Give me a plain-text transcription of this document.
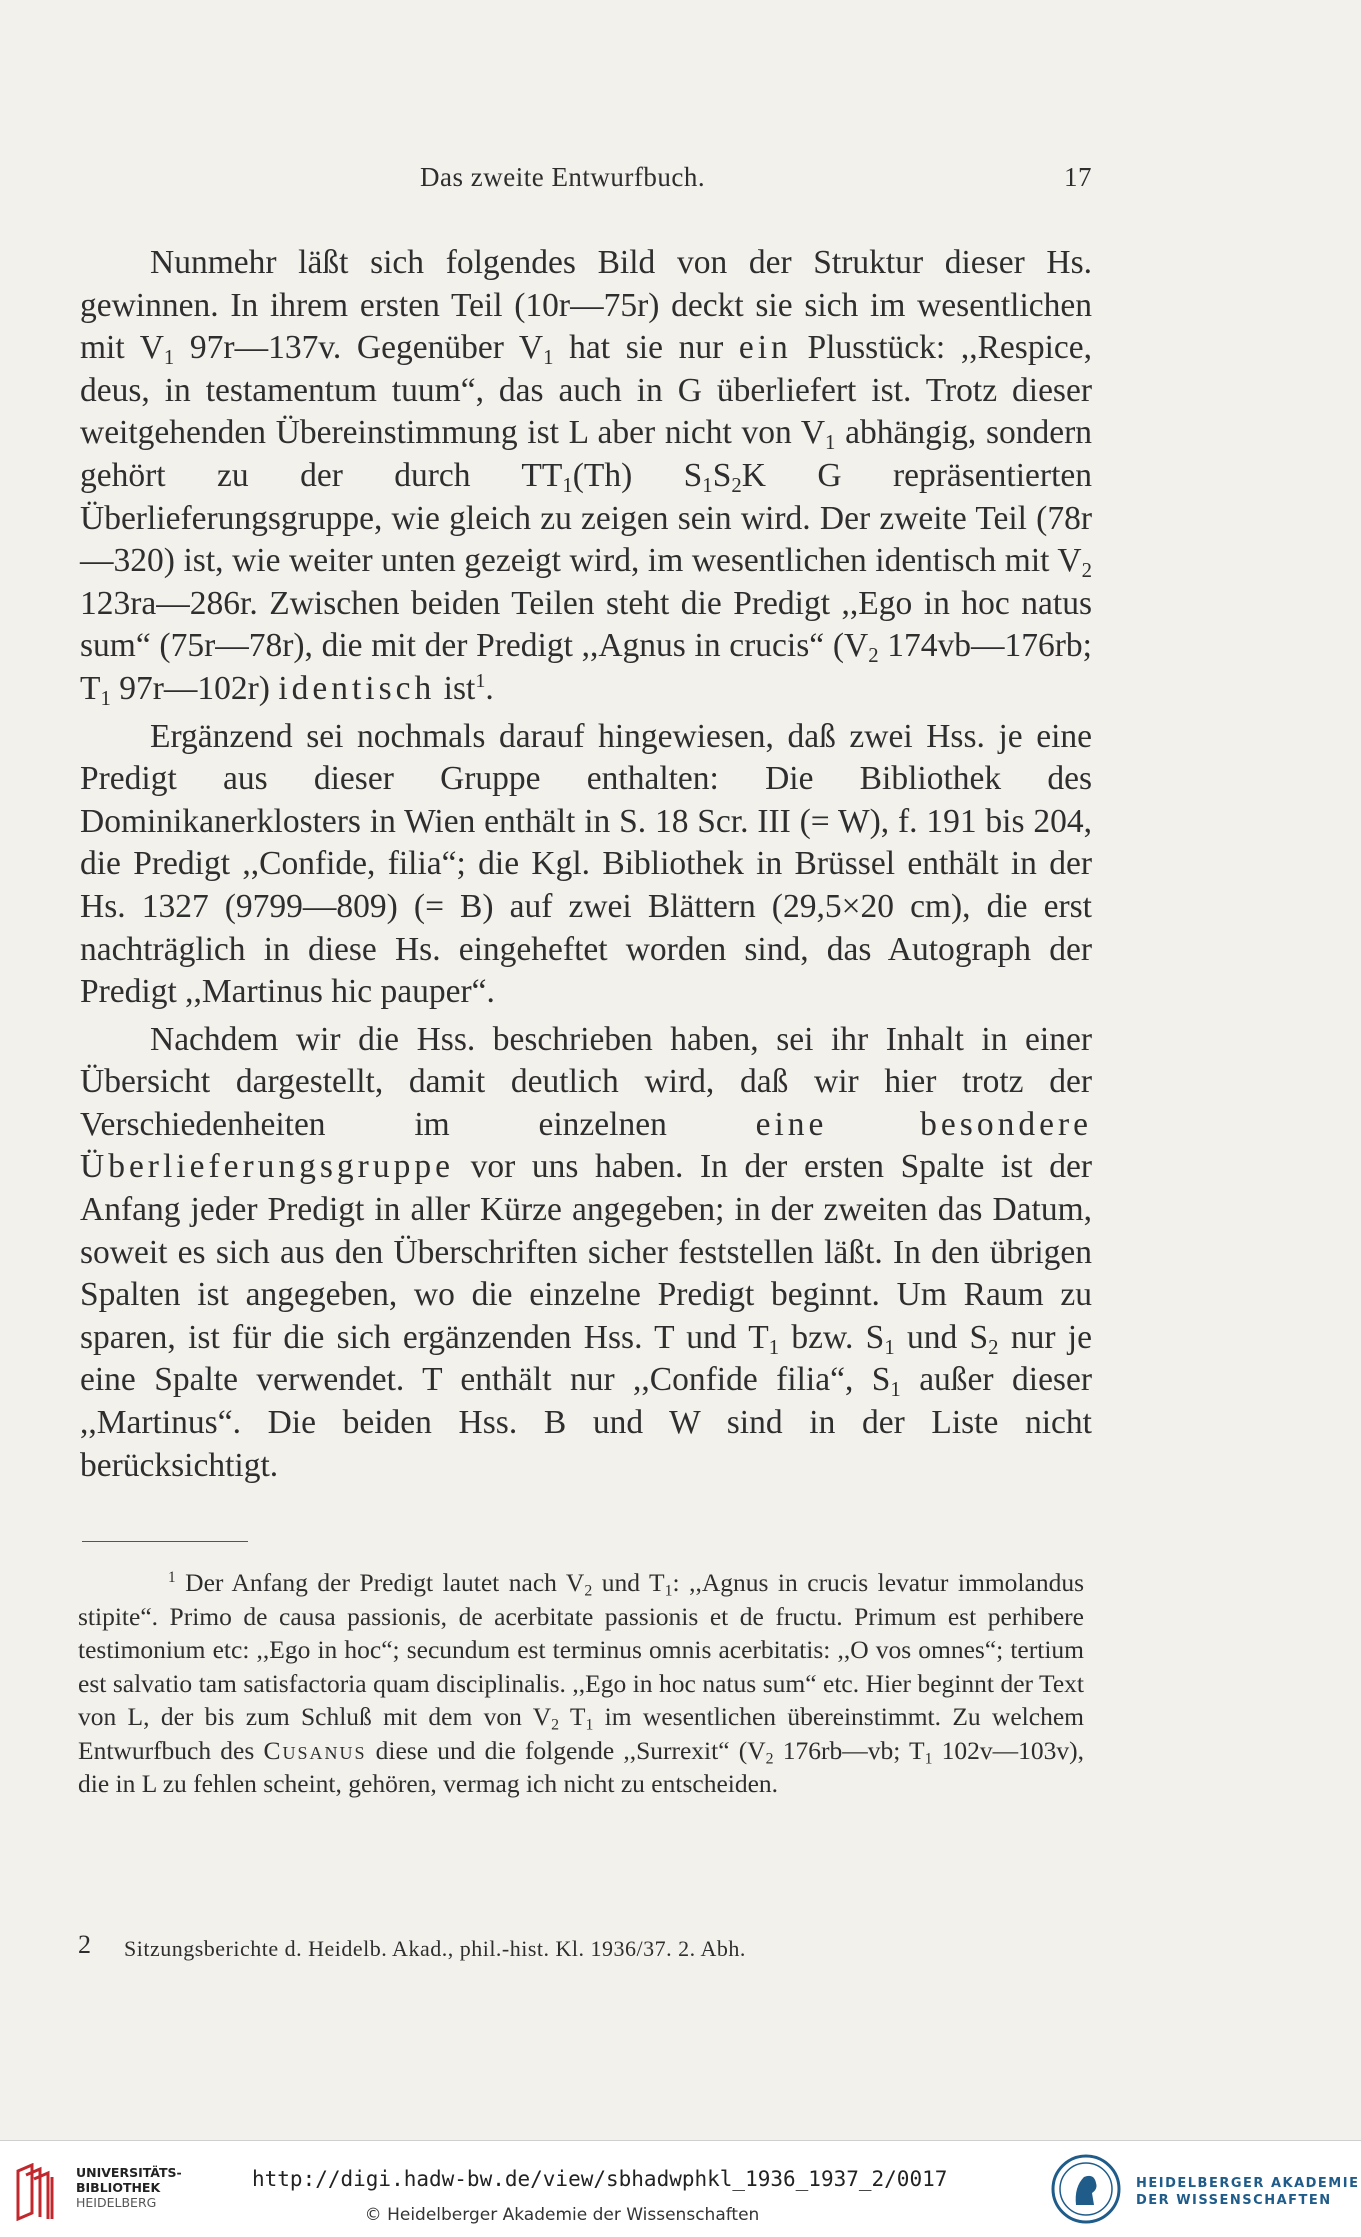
Das zweite Entwurfbuch.	17

Nunmehr läßt sich folgendes Bild von der Struktur dieser Hs. gewinnen. In ihrem ersten Teil (10r—75r) deckt sie sich im wesentlichen mit $V_1$ 97r—137v. Gegenüber $V_1$ hat sie nur ein Plusstück: ,,Respice, deus, in testamentum tuum“, das auch in G überliefert ist. Trotz dieser weitgehenden Übereinstimmung ist L aber nicht von $V_1$ abhängig, sondern gehört zu der durch $TT_1(Th)$ $S_1S_2K$ G repräsentierten Überlieferungsgruppe, wie gleich zu zeigen sein wird. Der zweite Teil (78r—320) ist, wie weiter unten gezeigt wird, im wesentlichen identisch mit $V_2$ 123ra—286r. Zwischen beiden Teilen steht die Predigt ,,Ego in hoc natus sum“ (75r—78r), die mit der Predigt ,,Agnus in crucis“ ($V_2$ 174vb—176rb; $T_1$ 97r—102r) identisch ist$^1$.

Ergänzend sei nochmals darauf hingewiesen, daß zwei Hss. je eine Predigt aus dieser Gruppe enthalten: Die Bibliothek des Dominikanerklosters in Wien enthält in S. 18 Scr. III (= W), f. 191 bis 204, die Predigt ,,Confide, filia“; die Kgl. Bibliothek in Brüssel enthält in der Hs. 1327 (9799—809) (= B) auf zwei Blättern (29,5×20 cm), die erst nachträglich in diese Hs. eingeheftet worden sind, das Autograph der Predigt ,,Martinus hic pauper“.

Nachdem wir die Hss. beschrieben haben, sei ihr Inhalt in einer Übersicht dargestellt, damit deutlich wird, daß wir hier trotz der Verschiedenheiten im einzelnen eine besondere Überlieferungsgruppe vor uns haben. In der ersten Spalte ist der Anfang jeder Predigt in aller Kürze angegeben; in der zweiten das Datum, soweit es sich aus den Überschriften sicher feststellen läßt. In den übrigen Spalten ist angegeben, wo die einzelne Predigt beginnt. Um Raum zu sparen, ist für die sich ergänzenden Hss. T und $T_1$ bzw. $S_1$ und $S_2$ nur je eine Spalte verwendet. T enthält nur ,,Confide filia“, $S_1$ außer dieser ,,Martinus“. Die beiden Hss. B und W sind in der Liste nicht berücksichtigt.

$^1$ Der Anfang der Predigt lautet nach $V_2$ und $T_1$: ,,Agnus in crucis levatur immolandus stipite“. Primo de causa passionis, de acerbitate passionis et de fructu. Primum est perhibere testimonium etc: ,,Ego in hoc“; secundum est terminus omnis acerbitatis: ,,O vos omnes“; tertium est salvatio tam satisfactoria quam disciplinalis. ,,Ego in hoc natus sum“ etc. Hier beginnt der Text von L, der bis zum Schluß mit dem von $V_2$ $T_1$ im wesentlichen übereinstimmt. Zu welchem Entwurfbuch des Cusanus diese und die folgende ,,Surrexit“ ($V_2$ 176rb—vb; $T_1$ 102v—103v), die in L zu fehlen scheint, gehören, vermag ich nicht zu entscheiden.

2 Sitzungsberichte d. Heidelb. Akad., phil.-hist. Kl. 1936/37. 2. Abh.
UNIVERSITÄTS-
BIBLIOTHEK
HEIDELBERG
http://digi.hadw-bw.de/view/sbhadwphkl_1936_1937_2/0017
© Heidelberger Akademie der Wissenschaften
HEIDELBERGER AKADEMIE
DER WISSENSCHAFTEN
